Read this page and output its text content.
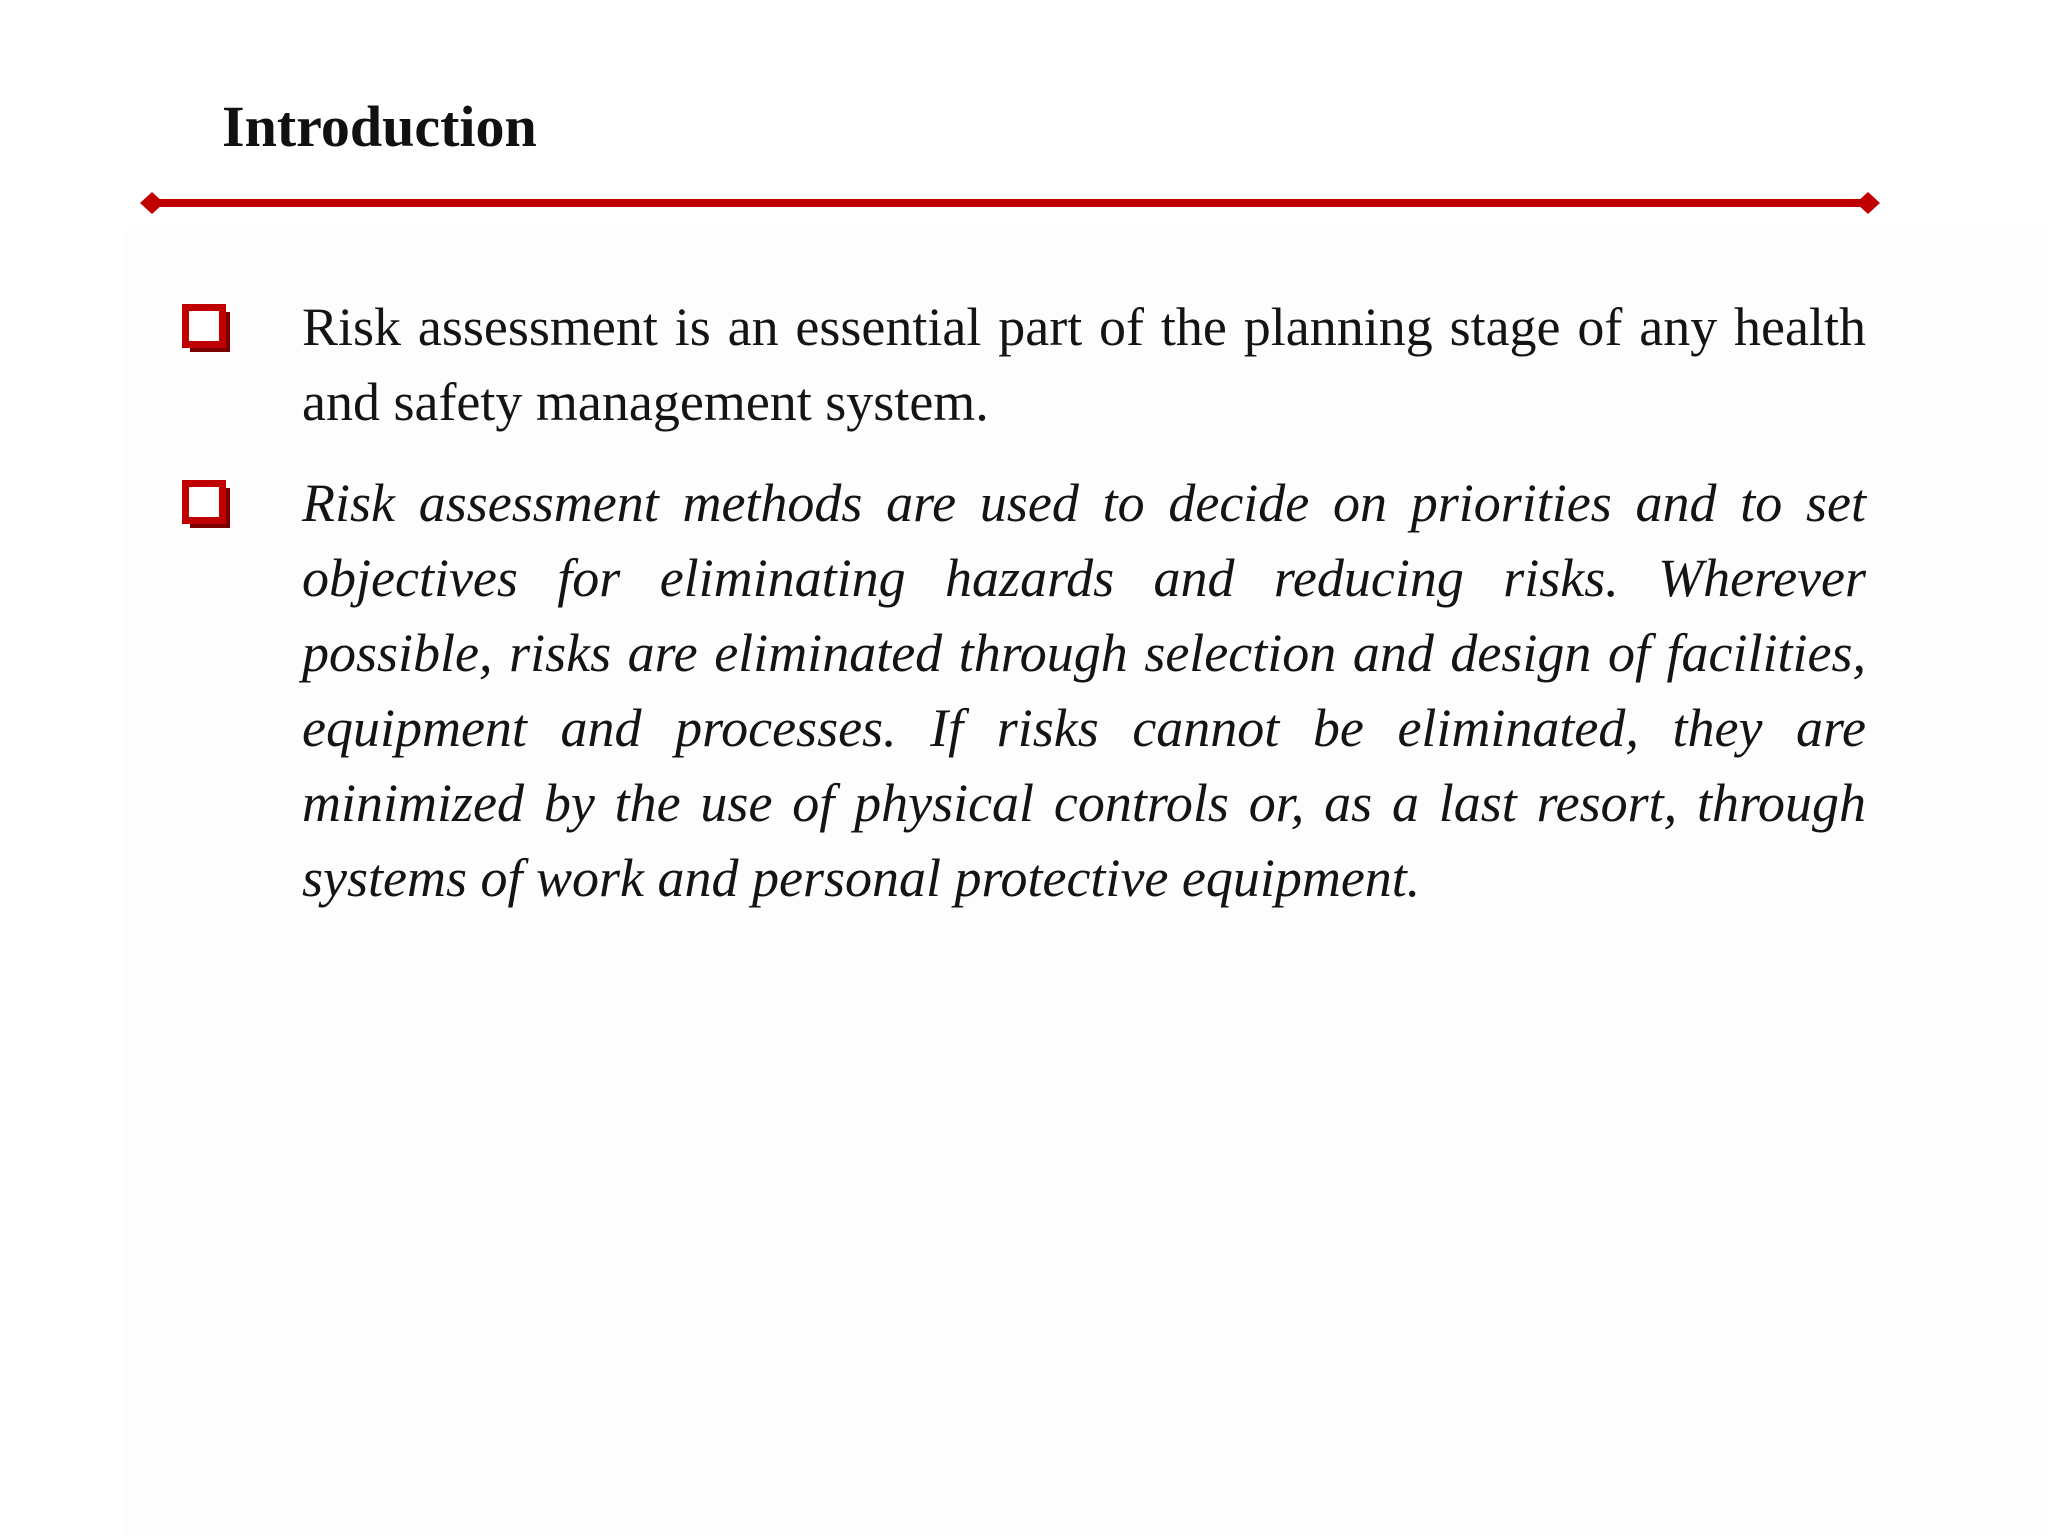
Introduction
Risk assessment is an essential part of the planning stage of any health and safety management system.
Risk assessment methods are used to decide on priorities and to set objectives for eliminating hazards and reducing risks. Wherever possible, risks are eliminated through selection and design of facilities, equipment and processes. If risks cannot be eliminated, they are minimized by the use of physical controls or, as a last resort, through systems of work and personal protective equipment.
